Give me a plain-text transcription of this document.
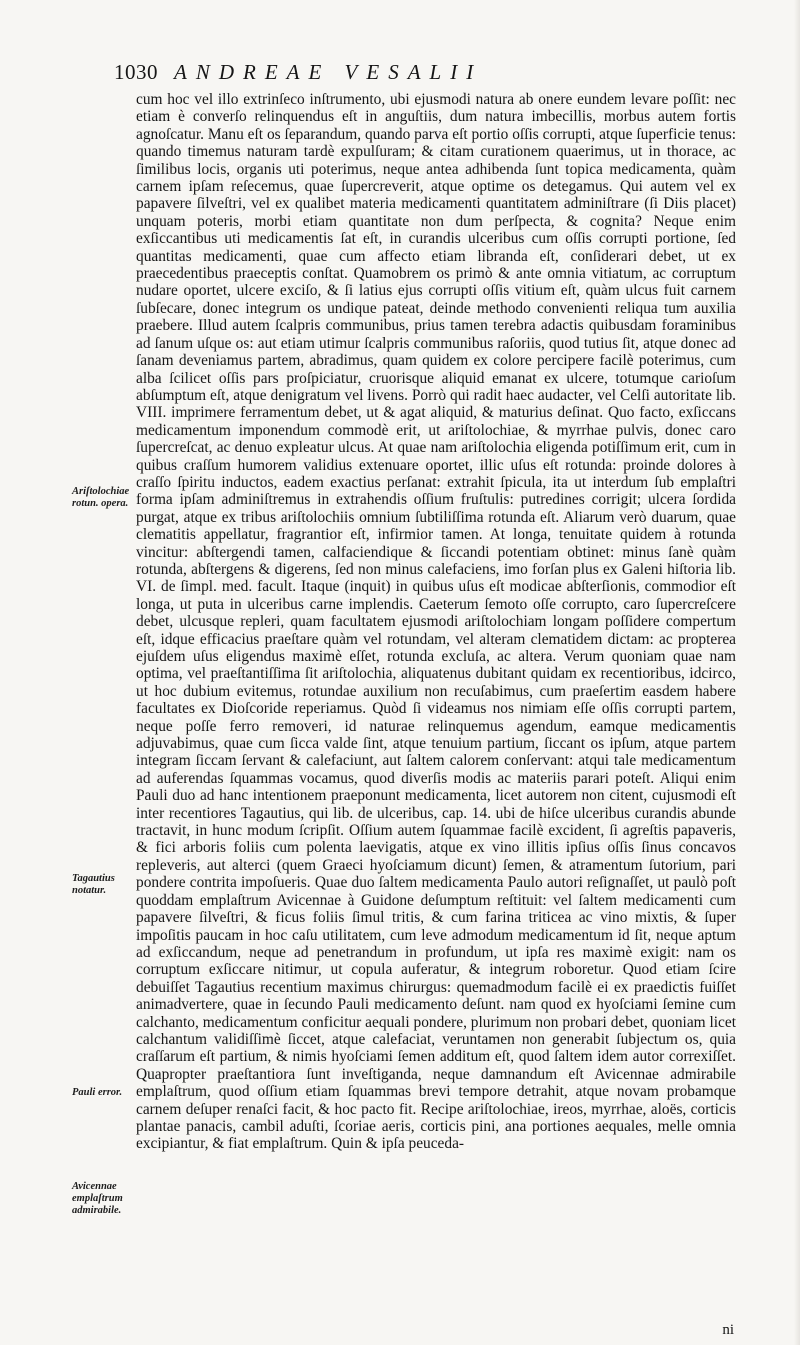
1030 ANDREAE VESALII

cum hoc vel illo extrinſeco inſtrumento, ubi ejusmodi natura ab onere eundem levare poſſit: nec etiam è converſo relinquendus eſt in anguſtiis, dum natura imbecillis, morbus autem fortis agnoſcatur. Manu eſt os ſeparandum, quando parva eſt portio oſſis corrupti, atque ſuperficie tenus: quando timemus naturam tardè expulſuram; & citam curationem quaerimus, ut in thorace, ac ſimilibus locis, organis uti poterimus, neque antea adhibenda ſunt topica medicamenta, quàm carnem ipſam reſecemus, quae ſupercreverit, atque optime os detegamus. Qui autem vel ex papavere ſilveſtri, vel ex qualibet materia medicamenti quantitatem adminiſtrare (ſi Diis placet) unquam poteris, morbi etiam quantitate non dum perſpecta, & cognita? Neque enim exſiccantibus uti medicamentis ſat eſt, in curandis ulceribus cum oſſis corrupti portione, ſed quantitas medicamenti, quae cum affecto etiam libranda eſt, conſiderari debet, ut ex praecedentibus praeceptis conſtat. Quamobrem os primò & ante omnia vitiatum, ac corruptum nudare oportet, ulcere exciſo, & ſi latius ejus corrupti oſſis vitium eſt, quàm ulcus fuit carnem ſubſecare, donec integrum os undique pateat, deinde methodo convenienti reliqua tum auxilia praebere. Illud autem ſcalpris communibus, prius tamen terebra adactis quibusdam foraminibus ad ſanum uſque os: aut etiam utimur ſcalpris communibus raſoriis, quod tutius ſit, atque donec ad ſanam deveniamus partem, abradimus, quam quidem ex colore percipere facilè poterimus, cum alba ſcilicet oſſis pars proſpiciatur, cruorisque aliquid emanat ex ulcere, totumque carioſum abſumptum eſt, atque denigratum vel livens. Porrò qui radit haec audacter, vel Celſi autoritate lib. VIII. imprimere ferramentum debet, ut & agat aliquid, & maturius deſinat. Quo facto, exſiccans medicamentum imponendum commodè erit, ut ariſtolochiae, & myrrhae pulvis, donec caro ſupercreſcat, ac denuo expleatur ulcus. At quae nam ariſtolochia eligenda potiſſimum erit, cum in quibus craſſum humorem validius extenuare oportet, illic uſus eſt rotunda: proinde dolores à craſſo ſpiritu inductos, eadem exactius perſanat: extrahit ſpicula, ita ut interdum ſub emplaſtri forma ipſam adminiſtremus in extrahendis oſſium fruſtulis: putredines corrigit; ulcera ſordida purgat, atque ex tribus ariſtolochiis omnium ſubtiliſſima rotunda eſt. Aliarum verò duarum, quae clematitis appellatur, fragrantior eſt, infirmior tamen. At longa, tenuitate quidem à rotunda vincitur: abſtergendi tamen, calfaciendique & ſiccandi potentiam obtinet: minus ſanè quàm rotunda, abſtergens & digerens, ſed non minus calefaciens, imo forſan plus ex Galeni hiſtoria lib. VI. de ſimpl. med. facult. Itaque (inquit) in quibus uſus eſt modicae abſterſionis, commodior eſt longa, ut puta in ulceribus carne implendis. Caeterum ſemoto oſſe corrupto, caro ſupercreſcere debet, ulcusque repleri, quam facultatem ejusmodi ariſtolochiam longam poſſidere compertum eſt, idque efficacius praeſtare quàm vel rotundam, vel alteram clematidem dictam: ac propterea ejuſdem uſus eligendus maximè eſſet, rotunda excluſa, ac altera. Verum quoniam quae nam optima, vel praeſtantiſſima ſit ariſtolochia, aliquatenus dubitant quidam ex recentioribus, idcirco, ut hoc dubium evitemus, rotundae auxilium non recuſabimus, cum praeſertim easdem habere facultates ex Dioſcoride reperiamus. Quòd ſi videamus nos nimiam eſſe oſſis corrupti partem, neque poſſe ferro removeri, id naturae relinquemus agendum, eamque medicamentis adjuvabimus, quae cum ſicca valde ſint, atque tenuium partium, ſiccant os ipſum, atque partem integram ſiccam ſervant & calefaciunt, aut ſaltem calorem conſervant: atqui tale medicamentum ad auferendas ſquammas vocamus, quod diverſis modis ac materiis parari poteſt. Aliqui enim Pauli duo ad hanc intentionem praeponunt medicamenta, licet autorem non citent, cujusmodi eſt inter recentiores Tagautius, qui lib. de ulceribus, cap. 14. ubi de hiſce ulceribus curandis abunde tractavit, in hunc modum ſcripſit. Oſſium autem ſquammae facilè excident, ſi agreſtis papaveris, & fici arboris foliis cum polenta laevigatis, atque ex vino illitis ipſius oſſis ſinus concavos repleveris, aut alterci (quem Graeci hyoſciamum dicunt) ſemen, & atramentum ſutorium, pari pondere contrita impoſueris. Quae duo ſaltem medicamenta Paulo autori reſignaſſet, ut paulò poſt quoddam emplaſtrum Avicennae à Guidone deſumptum reſtituit: vel ſaltem medicamenti cum papavere ſilveſtri, & ficus foliis ſimul tritis, & cum farina triticea ac vino mixtis, & ſuper impoſitis paucam in hoc caſu utilitatem, cum leve admodum medicamentum id ſit, neque aptum ad exſiccandum, neque ad penetrandum in profundum, ut ipſa res maximè exigit: nam os corruptum exſiccare nitimur, ut copula auferatur, & integrum roboretur. Quod etiam ſcire debuiſſet Tagautius recentium maximus chirurgus: quemadmodum facilè ei ex praedictis fuiſſet animadvertere, quae in ſecundo Pauli medicamento deſunt. nam quod ex hyoſciami ſemine cum calchanto, medicamentum conficitur aequali pondere, plurimum non probari debet, quoniam licet calchantum validiſſimè ſiccet, atque calefaciat, veruntamen non generabit ſubjectum os, quia craſſarum eſt partium, & nimis hyoſciami ſemen additum eſt, quod ſaltem idem autor correxiſſet. Quapropter praeſtantiora ſunt inveſtiganda, neque damnandum eſt Avicennae admirabile emplaſtrum, quod oſſium etiam ſquammas brevi tempore detrahit, atque novam probamque carnem deſuper renaſci facit, & hoc pacto fit. Recipe ariſtolochiae, ireos, myrrhae, aloës, corticis plantae panacis, cambil aduſti, ſcoriae aeris, corticis pini, ana portiones aequales, melle omnia excipiantur, & fiat emplaſtrum. Quin & ipſa peuceda-

Ariſtolochiae rotun. opera.
Tagautius notatur.
Pauli error.
Avicennae emplaſtrum admirabile.
ni
